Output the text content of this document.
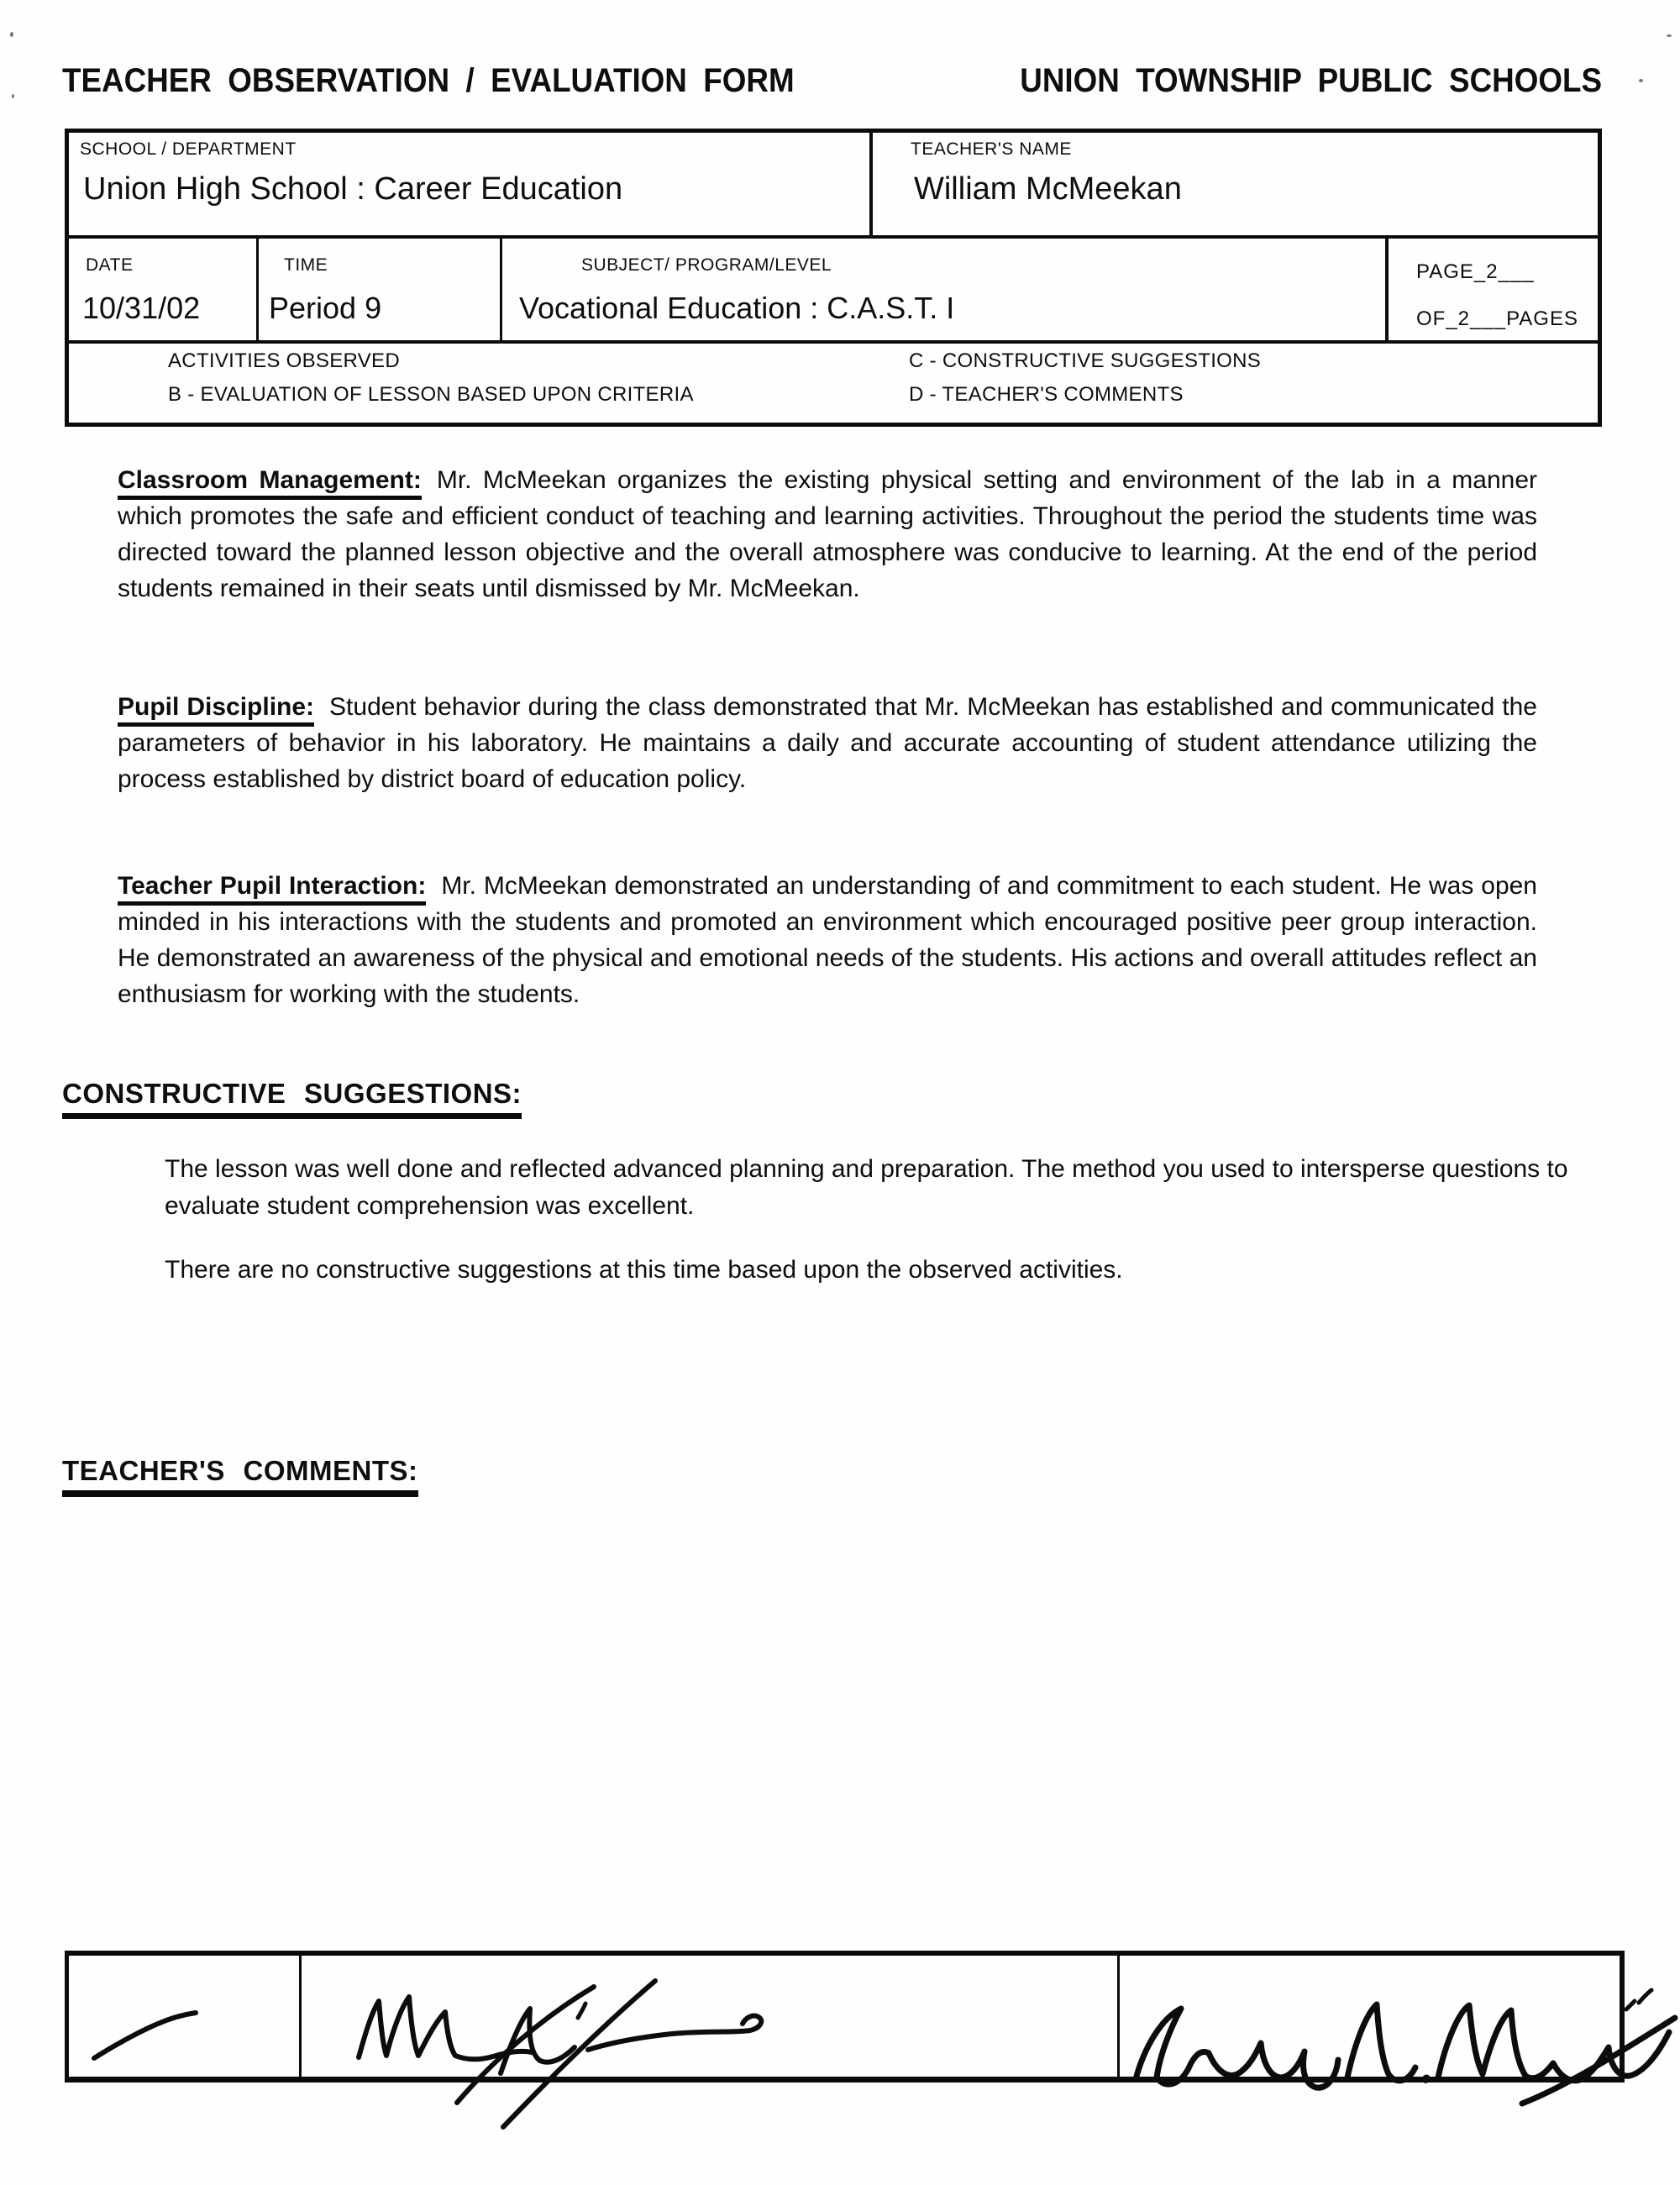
TEACHER OBSERVATION / EVALUATION FORM	UNION TOWNSHIP PUBLIC SCHOOLS
SCHOOL / DEPARTMENT
Union High School : Career Education
TEACHER'S NAME
William McMeekan
DATE
10/31/02
TIME
Period 9
SUBJECT/ PROGRAM/LEVEL
Vocational Education : C.A.S.T. I
PAGE_2___
OF_2___PAGES
ACTIVITIES OBSERVED
B - EVALUATION OF LESSON BASED UPON CRITERIA
C - CONSTRUCTIVE SUGGESTIONS
D - TEACHER'S COMMENTS
Classroom Management: Mr. McMeekan organizes the existing physical setting and environment of the lab in a manner which promotes the safe and efficient conduct of teaching and learning activities. Throughout the period the students time was directed toward the planned lesson objective and the overall atmosphere was conducive to learning. At the end of the period students remained in their seats until dismissed by Mr. McMeekan.
Pupil Discipline: Student behavior during the class demonstrated that Mr. McMeekan has established and communicated the parameters of behavior in his laboratory. He maintains a daily and accurate accounting of student attendance utilizing the process established by district board of education policy.
Teacher Pupil Interaction: Mr. McMeekan demonstrated an understanding of and commitment to each student. He was open minded in his interactions with the students and promoted an environment which encouraged positive peer group interaction. He demonstrated an awareness of the physical and emotional needs of the students. His actions and overall attitudes reflect an enthusiasm for working with the students.
CONSTRUCTIVE SUGGESTIONS:
The lesson was well done and reflected advanced planning and preparation. The method you used to intersperse questions to evaluate student comprehension was excellent.
There are no constructive suggestions at this time based upon the observed activities.
TEACHER'S COMMENTS:
